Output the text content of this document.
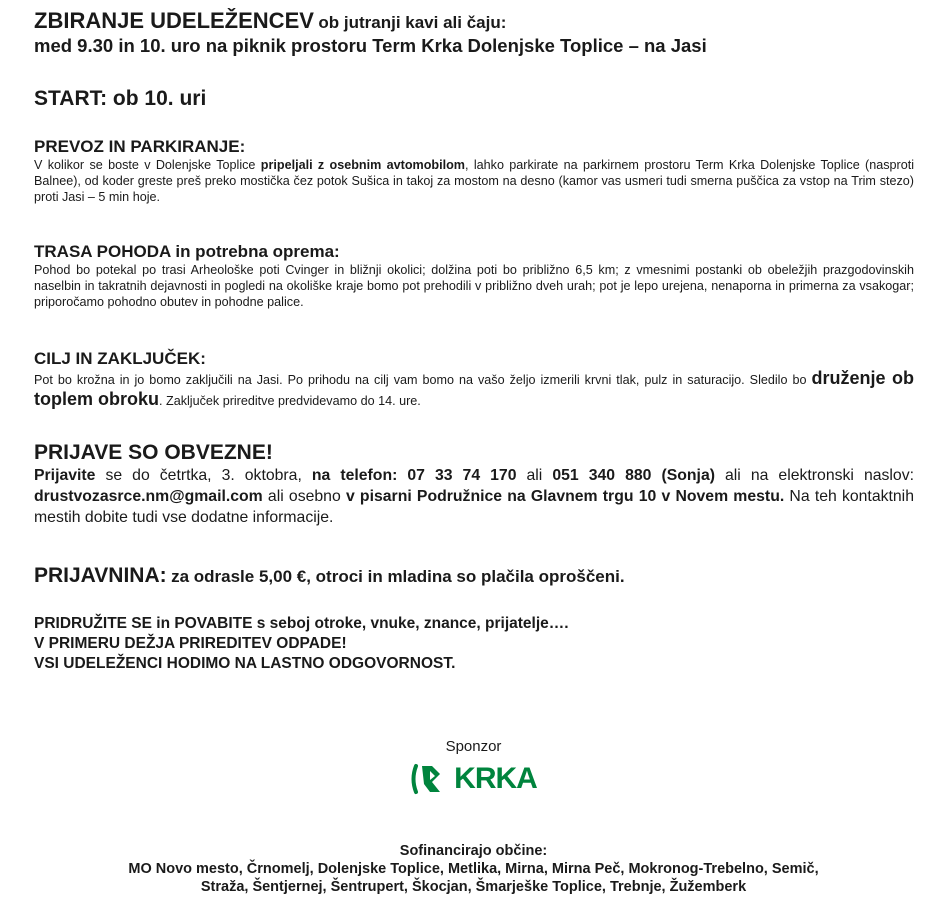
ZBIRANJE UDELEŽENCEV ob jutranji kavi ali čaju:
med 9.30 in 10. uro na piknik prostoru Term Krka Dolenjske Toplice – na Jasi
START: ob 10. uri
PREVOZ IN PARKIRANJE:

V kolikor se boste v Dolenjske Toplice pripeljali z osebnim avtomobilom, lahko parkirate na parkirnem prostoru Term Krka Dolenjske Toplice (nasproti Balnee), od koder greste preš preko mostička čez potok Sušica in takoj za mostom na desno (kamor vas usmeri tudi smerna puščica za vstop na Trim stezo) proti Jasi – 5 min hoje.

TRASA POHODA in potrebna oprema:

Pohod bo potekal po trasi Arheološke poti Cvinger in bližnji okolici; dolžina poti bo približno 6,5 km; z vmesnimi postanki ob obeležjih prazgodovinskih naselbin in takratnih dejavnosti in pogledi na okoliške kraje bomo pot prehodili v približno dveh urah; pot je lepo urejena, nenaporna in primerna za vsakogar; priporočamo pohodno obutev in pohodne palice.

CILJ IN ZAKLJUČEK:

Pot bo krožna in jo bomo zaključili na Jasi. Po prihodu na cilj vam bomo na vašo željo izmerili krvni tlak, pulz in saturacijo. Sledilo bo druženje ob toplem obroku. Zaključek prireditve predvidevamo do 14. ure.

PRIJAVE SO OBVEZNE!

Prijavite se do četrtka, 3. oktobra, na telefon: 07 33 74 170 ali 051 340 880 (Sonja) ali na elektronski naslov: drustvozasrce.nm@gmail.com ali osebno v pisarni Podružnice na Glavnem trgu 10 v Novem mestu. Na teh kontaktnih mestih dobite tudi vse dodatne informacije.

PRIJAVNINA: za odrasle 5,00 €, otroci in mladina so plačila oproščeni.
PRIDRUŽITE SE in POVABITE s seboj otroke, vnuke, znance, prijatelje….
V PRIMERU DEŽJA PRIREDITEV ODPADE!
VSI UDELEŽENCI HODIMO NA LASTNO ODGOVORNOST.
Sponzor
KRKA
Sofinancirajo občine:
MO Novo mesto, Črnomelj, Dolenjske Toplice, Metlika, Mirna, Mirna Peč, Mokronog-Trebelno, Semič,
Straža, Šentjernej, Šentrupert, Škocjan, Šmarješke Toplice, Trebnje, Žužemberk
